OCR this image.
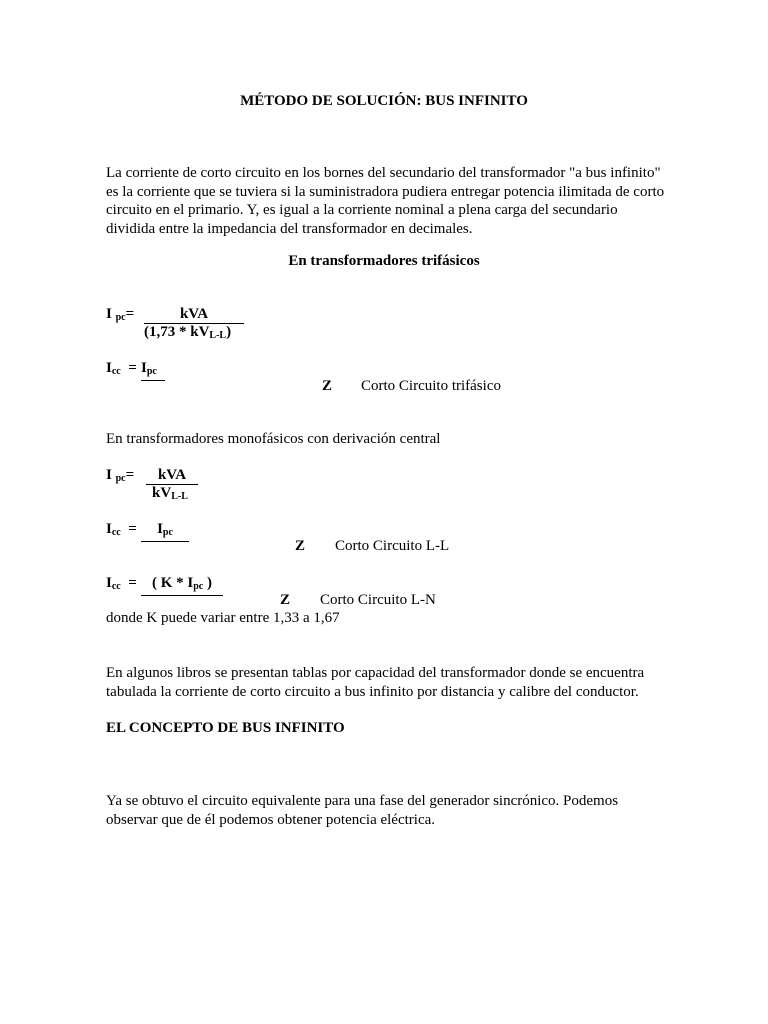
MÉTODO DE SOLUCIÓN: BUS INFINITO
La corriente de corto circuito en los bornes del secundario del transformador "a bus infinito" es la corriente que se tuviera si la suministradora pudiera entregar potencia ilimitada de corto circuito en el primario. Y, es igual a la corriente nominal a plena carga del secundario dividida entre la impedancia del transformador en decimales.
En transformadores trifásicos
I $_{pc}$=	kVA
$(1,73 * kV_{L-L})$
$I_{cc} = I_{pc}$
Z Corto Circuito trifásico
En transformadores monofásicos con derivación central
I $_{pc}$=	kVA
$kV_{L-L}$
$I_{cc}$ =	$I_{pc}$
Z Corto Circuito L-L
$I_{cc}$ =	( K * $I_{pc}$ )
Z Corto Circuito L-N
donde K puede variar entre 1,33 a 1,67
En algunos libros se presentan tablas por capacidad del transformador donde se encuentra tabulada la corriente de corto circuito a bus infinito por distancia y calibre del conductor.
EL CONCEPTO DE BUS INFINITO
Ya se obtuvo el circuito equivalente para una fase del generador sincrónico. Podemos observar que de él podemos obtener potencia eléctrica.
